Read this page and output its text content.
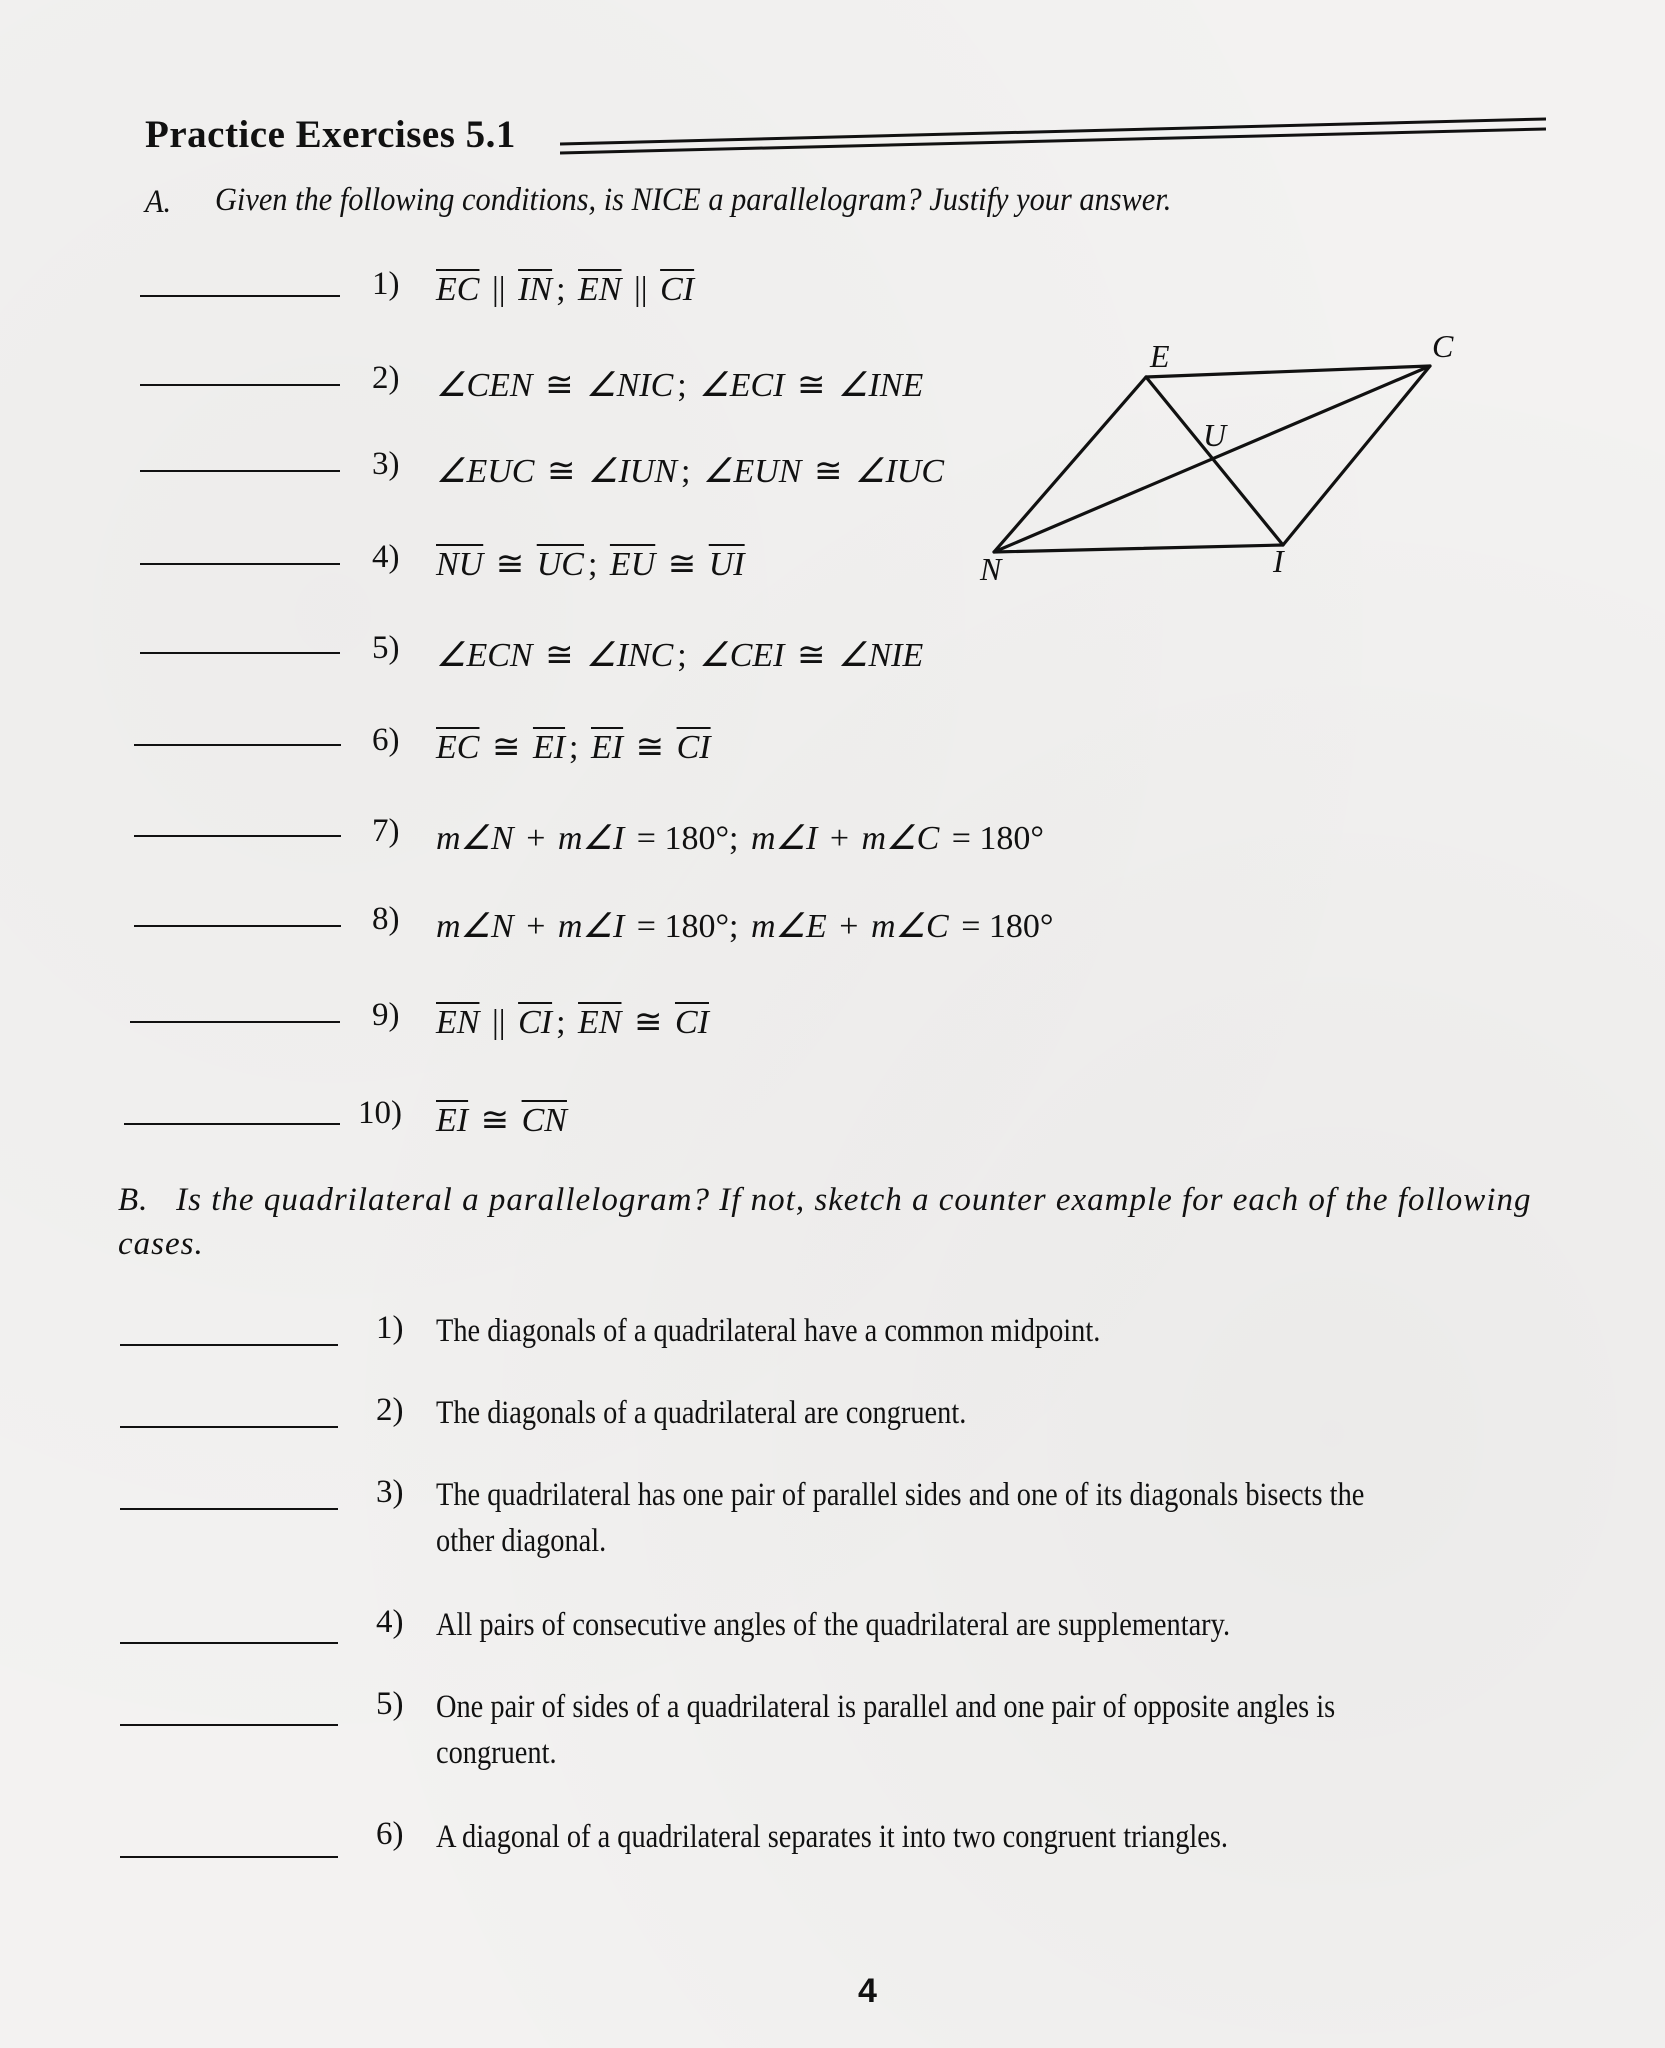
Practice Exercises 5.1
A. Given the following conditions, is NICE a parallelogram? Justify your answer.
1) $\overline{EC}$ || $\overline{IN}$ ; $\overline{EN}$ || $\overline{CI}$
2) ∠CEN ≅ ∠NIC ; ∠ECI ≅ ∠INE
3) ∠EUC ≅ ∠IUN ; ∠EUN ≅ ∠IUC
4) $\overline{NU}$ ≅ $\overline{UC}$ ; $\overline{EU}$ ≅ $\overline{UI}$
5) ∠ECN ≅ ∠INC ; ∠CEI ≅ ∠NIE
6) $\overline{EC}$ ≅ $\overline{EI}$ ; $\overline{EI}$ ≅ $\overline{CI}$
7) m∠N + m∠I = 180°; m∠I + m∠C = 180°
8) m∠N + m∠I = 180°; m∠E + m∠C = 180°
9) $\overline{EN}$ || $\overline{CI}$ ; $\overline{EN}$ ≅ $\overline{CI}$
10) $\overline{EI}$ ≅ $\overline{CN}$
E	C
U
N	I
B. Is the quadrilateral a parallelogram? If not, sketch a counter example for each of the following cases.
1) The diagonals of a quadrilateral have a common midpoint.
2) The diagonals of a quadrilateral are congruent.
3) The quadrilateral has one pair of parallel sides and one of its diagonals bisects the
other diagonal.
4) All pairs of consecutive angles of the quadrilateral are supplementary.
5) One pair of sides of a quadrilateral is parallel and one pair of opposite angles is
congruent.
6) A diagonal of a quadrilateral separates it into two congruent triangles.
4
